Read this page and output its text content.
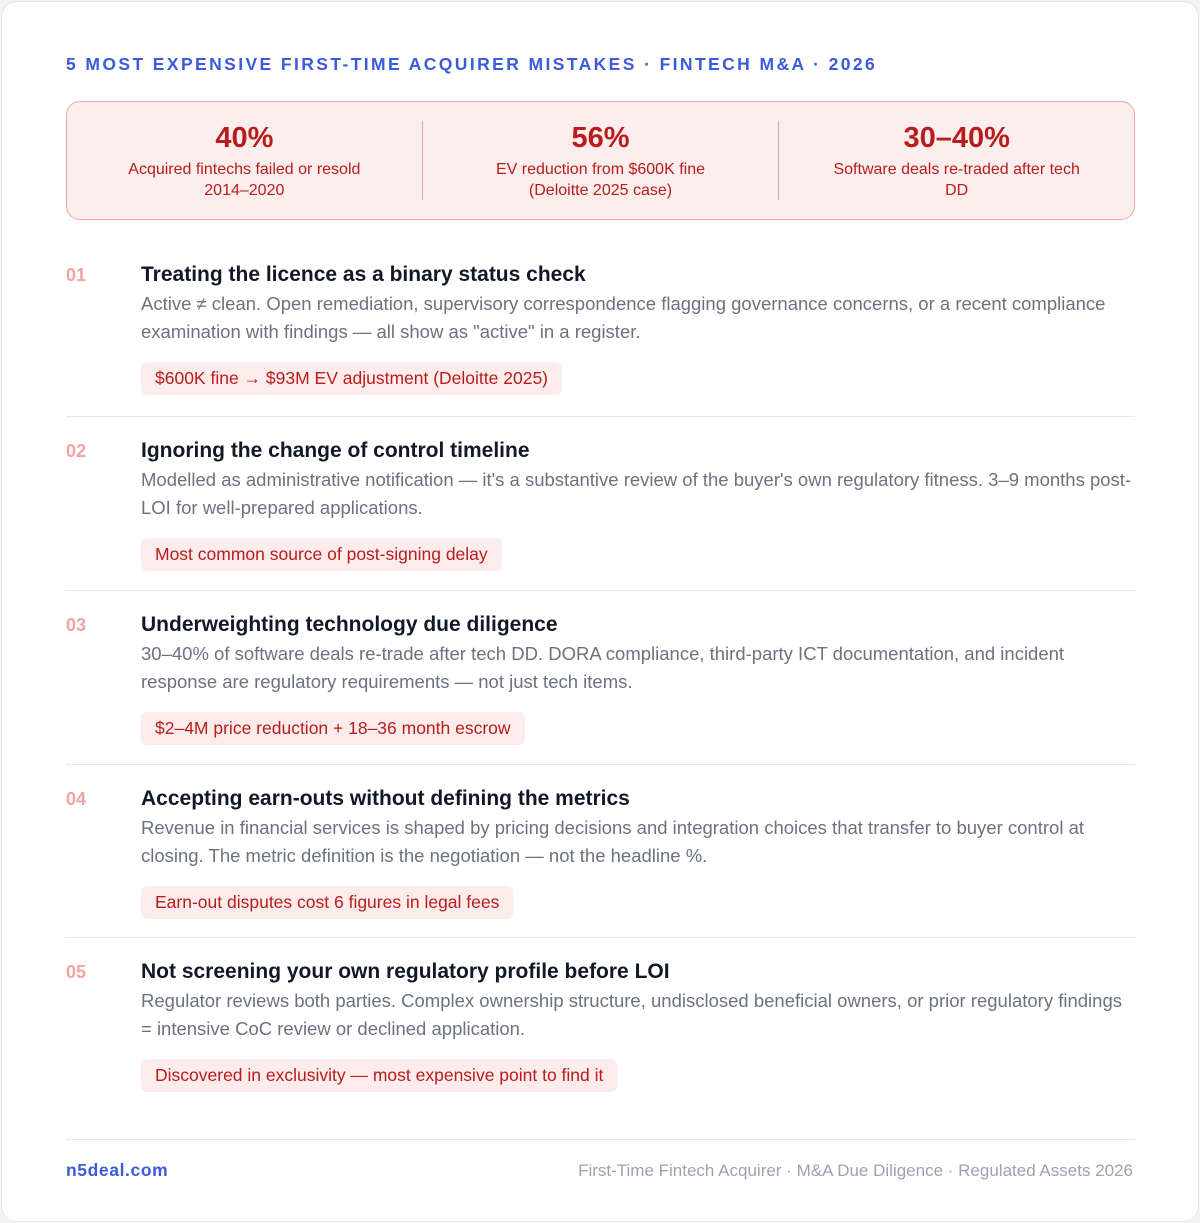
5 MOST EXPENSIVE FIRST-TIME ACQUIRER MISTAKES · FINTECH M&A · 2026
40%
Acquired fintechs failed or resold 2014–2020
56%
EV reduction from $600K fine (Deloitte 2025 case)
30–40%
Software deals re-traded after tech DD
01	Treating the licence as a binary status check
Active ≠ clean. Open remediation, supervisory correspondence flagging governance concerns, or a recent compliance examination with findings — all show as "active" in a register.
$600K fine → $93M EV adjustment (Deloitte 2025)
02	Ignoring the change of control timeline
Modelled as administrative notification — it's a substantive review of the buyer's own regulatory fitness. 3–9 months post-LOI for well-prepared applications.
Most common source of post-signing delay
03	Underweighting technology due diligence
30–40% of software deals re-trade after tech DD. DORA compliance, third-party ICT documentation, and incident response are regulatory requirements — not just tech items.
$2–4M price reduction + 18–36 month escrow
04	Accepting earn-outs without defining the metrics
Revenue in financial services is shaped by pricing decisions and integration choices that transfer to buyer control at closing. The metric definition is the negotiation — not the headline %.
Earn-out disputes cost 6 figures in legal fees
05	Not screening your own regulatory profile before LOI
Regulator reviews both parties. Complex ownership structure, undisclosed beneficial owners, or prior regulatory findings = intensive CoC review or declined application.
Discovered in exclusivity — most expensive point to find it
n5deal.com	First-Time Fintech Acquirer · M&A Due Diligence · Regulated Assets 2026
